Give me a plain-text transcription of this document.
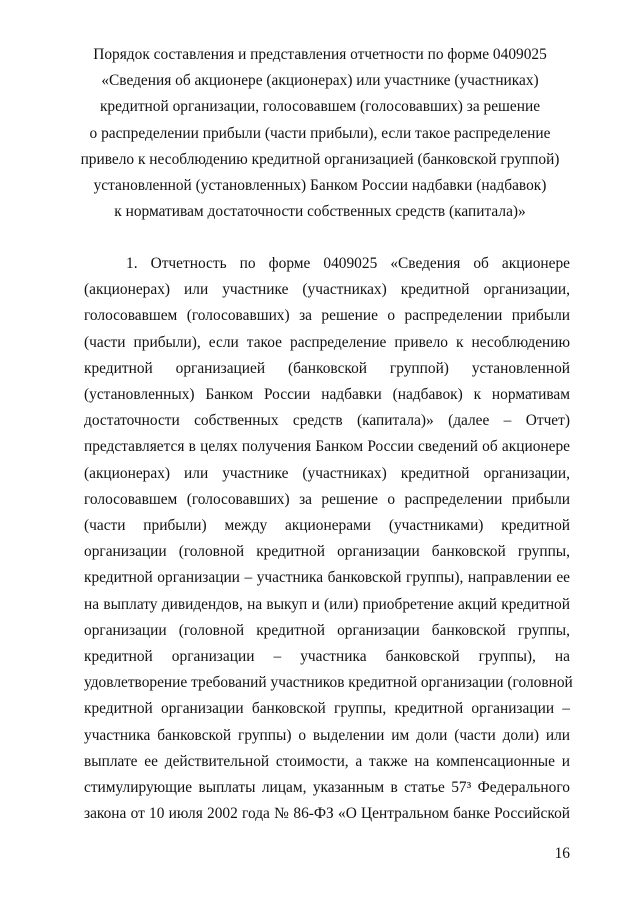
Порядок составления и представления отчетности по форме 0409025
«Сведения об акционере (акционерах) или участнике (участниках)
кредитной организации, голосовавшем (голосовавших) за решение
о распределении прибыли (части прибыли), если такое распределение
привело к несоблюдению кредитной организацией (банковской группой)
установленной (установленных) Банком России надбавки (надбавок)
к нормативам достаточности собственных средств (капитала)»
1. Отчетность по форме 0409025 «Сведения об акционере
(акционерах) или участнике (участниках) кредитной организации,
голосовавшем (голосовавших) за решение о распределении прибыли
(части прибыли), если такое распределение привело к несоблюдению
кредитной организацией (банковской группой) установленной
(установленных) Банком России надбавки (надбавок) к нормативам
достаточности собственных средств (капитала)» (далее – Отчет)
представляется в целях получения Банком России сведений об акционере
(акционерах) или участнике (участниках) кредитной организации,
голосовавшем (голосовавших) за решение о распределении прибыли
(части прибыли) между акционерами (участниками) кредитной
организации (головной кредитной организации банковской группы,
кредитной организации – участника банковской группы), направлении ее
на выплату дивидендов, на выкуп и (или) приобретение акций кредитной
организации (головной кредитной организации банковской группы,
кредитной организации – участника банковской группы), на
удовлетворение требований участников кредитной организации (головной
кредитной организации банковской группы, кредитной организации –
участника банковской группы) о выделении им доли (части доли) или
выплате ее действительной стоимости, а также на компенсационные и
стимулирующие выплаты лицам, указанным в статье 57³ Федерального
закона от 10 июля 2002 года № 86-ФЗ «О Центральном банке Российской
16
